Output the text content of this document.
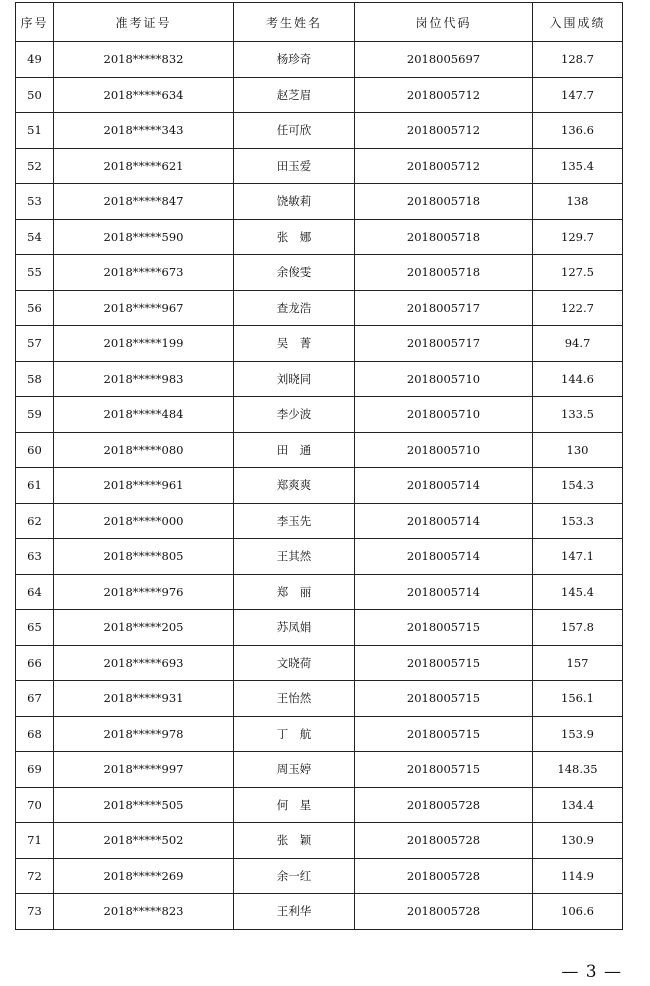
序号	准考证号	考生姓名	岗位代码	入围成绩
49	2018*****832	杨珍奇	2018005697	128.7
50	2018*****634	赵芝眉	2018005712	147.7
51	2018*****343	任可欣	2018005712	136.6
52	2018*****621	田玉爱	2018005712	135.4
53	2018*****847	饶敏莉	2018005718	138
54	2018*****590	张　娜	2018005718	129.7
55	2018*****673	余俊雯	2018005718	127.5
56	2018*****967	查龙浩	2018005717	122.7
57	2018*****199	吴　菁	2018005717	94.7
58	2018*****983	刘晓同	2018005710	144.6
59	2018*****484	李少波	2018005710	133.5
60	2018*****080	田　通	2018005710	130
61	2018*****961	郑爽爽	2018005714	154.3
62	2018*****000	李玉先	2018005714	153.3
63	2018*****805	王其然	2018005714	147.1
64	2018*****976	郑　丽	2018005714	145.4
65	2018*****205	苏凤娟	2018005715	157.8
66	2018*****693	文晓荷	2018005715	157
67	2018*****931	王怡然	2018005715	156.1
68	2018*****978	丁　航	2018005715	153.9
69	2018*****997	周玉婷	2018005715	148.35
70	2018*****505	何　星	2018005728	134.4
71	2018*****502	张　颖	2018005728	130.9
72	2018*****269	余一红	2018005728	114.9
73	2018*****823	王利华	2018005728	106.6
— 3 —
